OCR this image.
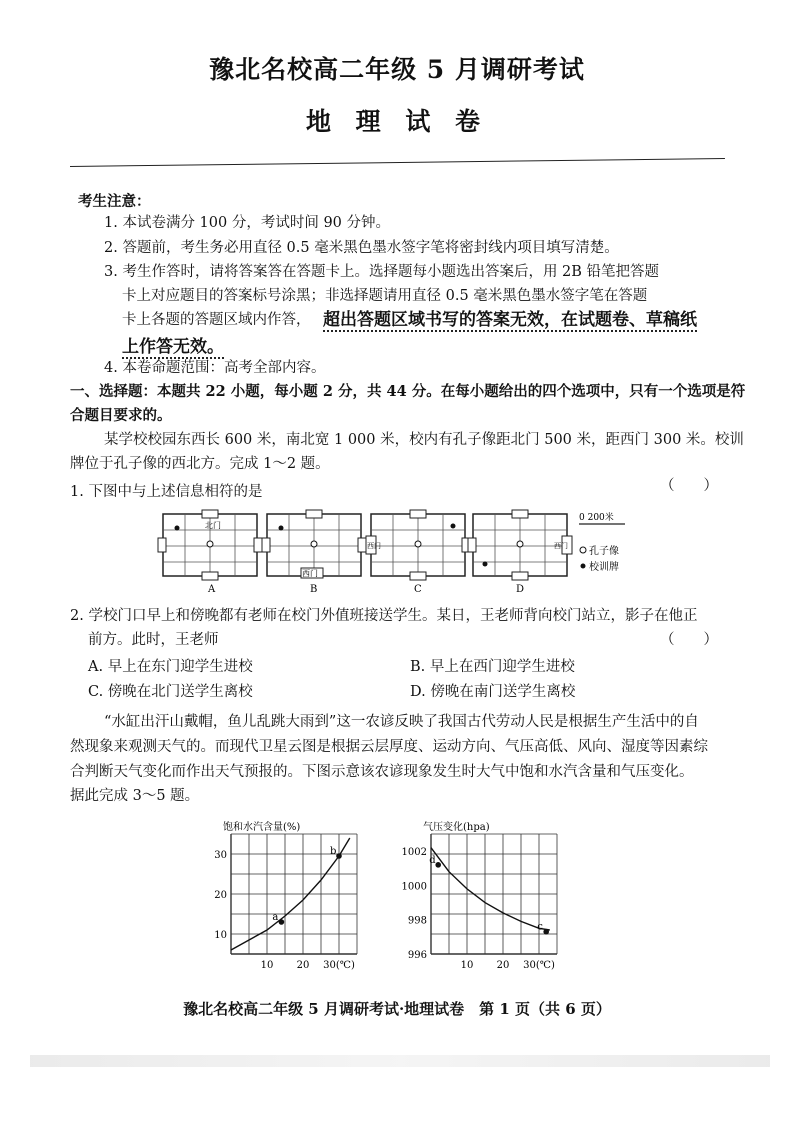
豫北名校高二年级 5 月调研考试
地 理 试 卷
考生注意：
1. 本试卷满分 100 分，考试时间 90 分钟。
2. 答题前，考生务必用直径 0.5 毫米黑色墨水签字笔将密封线内项目填写清楚。
3. 考生作答时，请将答案答在答题卡上。选择题每小题选出答案后，用 2B 铅笔把答题
卡上对应题目的答案标号涂黑；非选择题请用直径 0.5 毫米黑色墨水签字笔在答题
卡上各题的答题区域内作答， 超出答题区域书写的答案无效，在试题卷、草稿纸
上作答无效。
4. 本卷命题范围：高考全部内容。
一、选择题：本题共 22 小题，每小题 2 分，共 44 分。在每小题给出的四个选项中，只有一个选项是符
合题目要求的。
某学校校园东西长 600 米，南北宽 1 000 米，校内有孔子像距北门 500 米，距西门 300 米。校训
牌位于孔子像的西北方。完成 1～2 题。
1. 下图中与上述信息相符的是	（　　）
北门
A
西门
B
西门
C
西门
D
0 200米
孔子像
校训牌
2. 学校门口早上和傍晚都有老师在校门外值班接送学生。某日，王老师背向校门站立，影子在他正
前方。此时，王老师	（　　）
A. 早上在东门迎学生进校	B. 早上在西门迎学生进校
C. 傍晚在北门送学生离校	D. 傍晚在南门送学生离校
“水缸出汗山戴帽，鱼儿乱跳大雨到”这一农谚反映了我国古代劳动人民是根据生产生活中的自
然现象来观测天气的。而现代卫星云图是根据云层厚度、运动方向、气压高低、风向、湿度等因素综
合判断天气变化而作出天气预报的。下图示意该农谚现象发生时大气中饱和水汽含量和气压变化。
据此完成 3～5 题。
饱和水汽含量(%)
10
20
30
10 20 30(℃)
a
b
气压变化(hpa)
996
998
1000
1002
10 20 30(℃)
d
c
豫北名校高二年级 5 月调研考试·地理试卷　第 1 页（共 6 页）
